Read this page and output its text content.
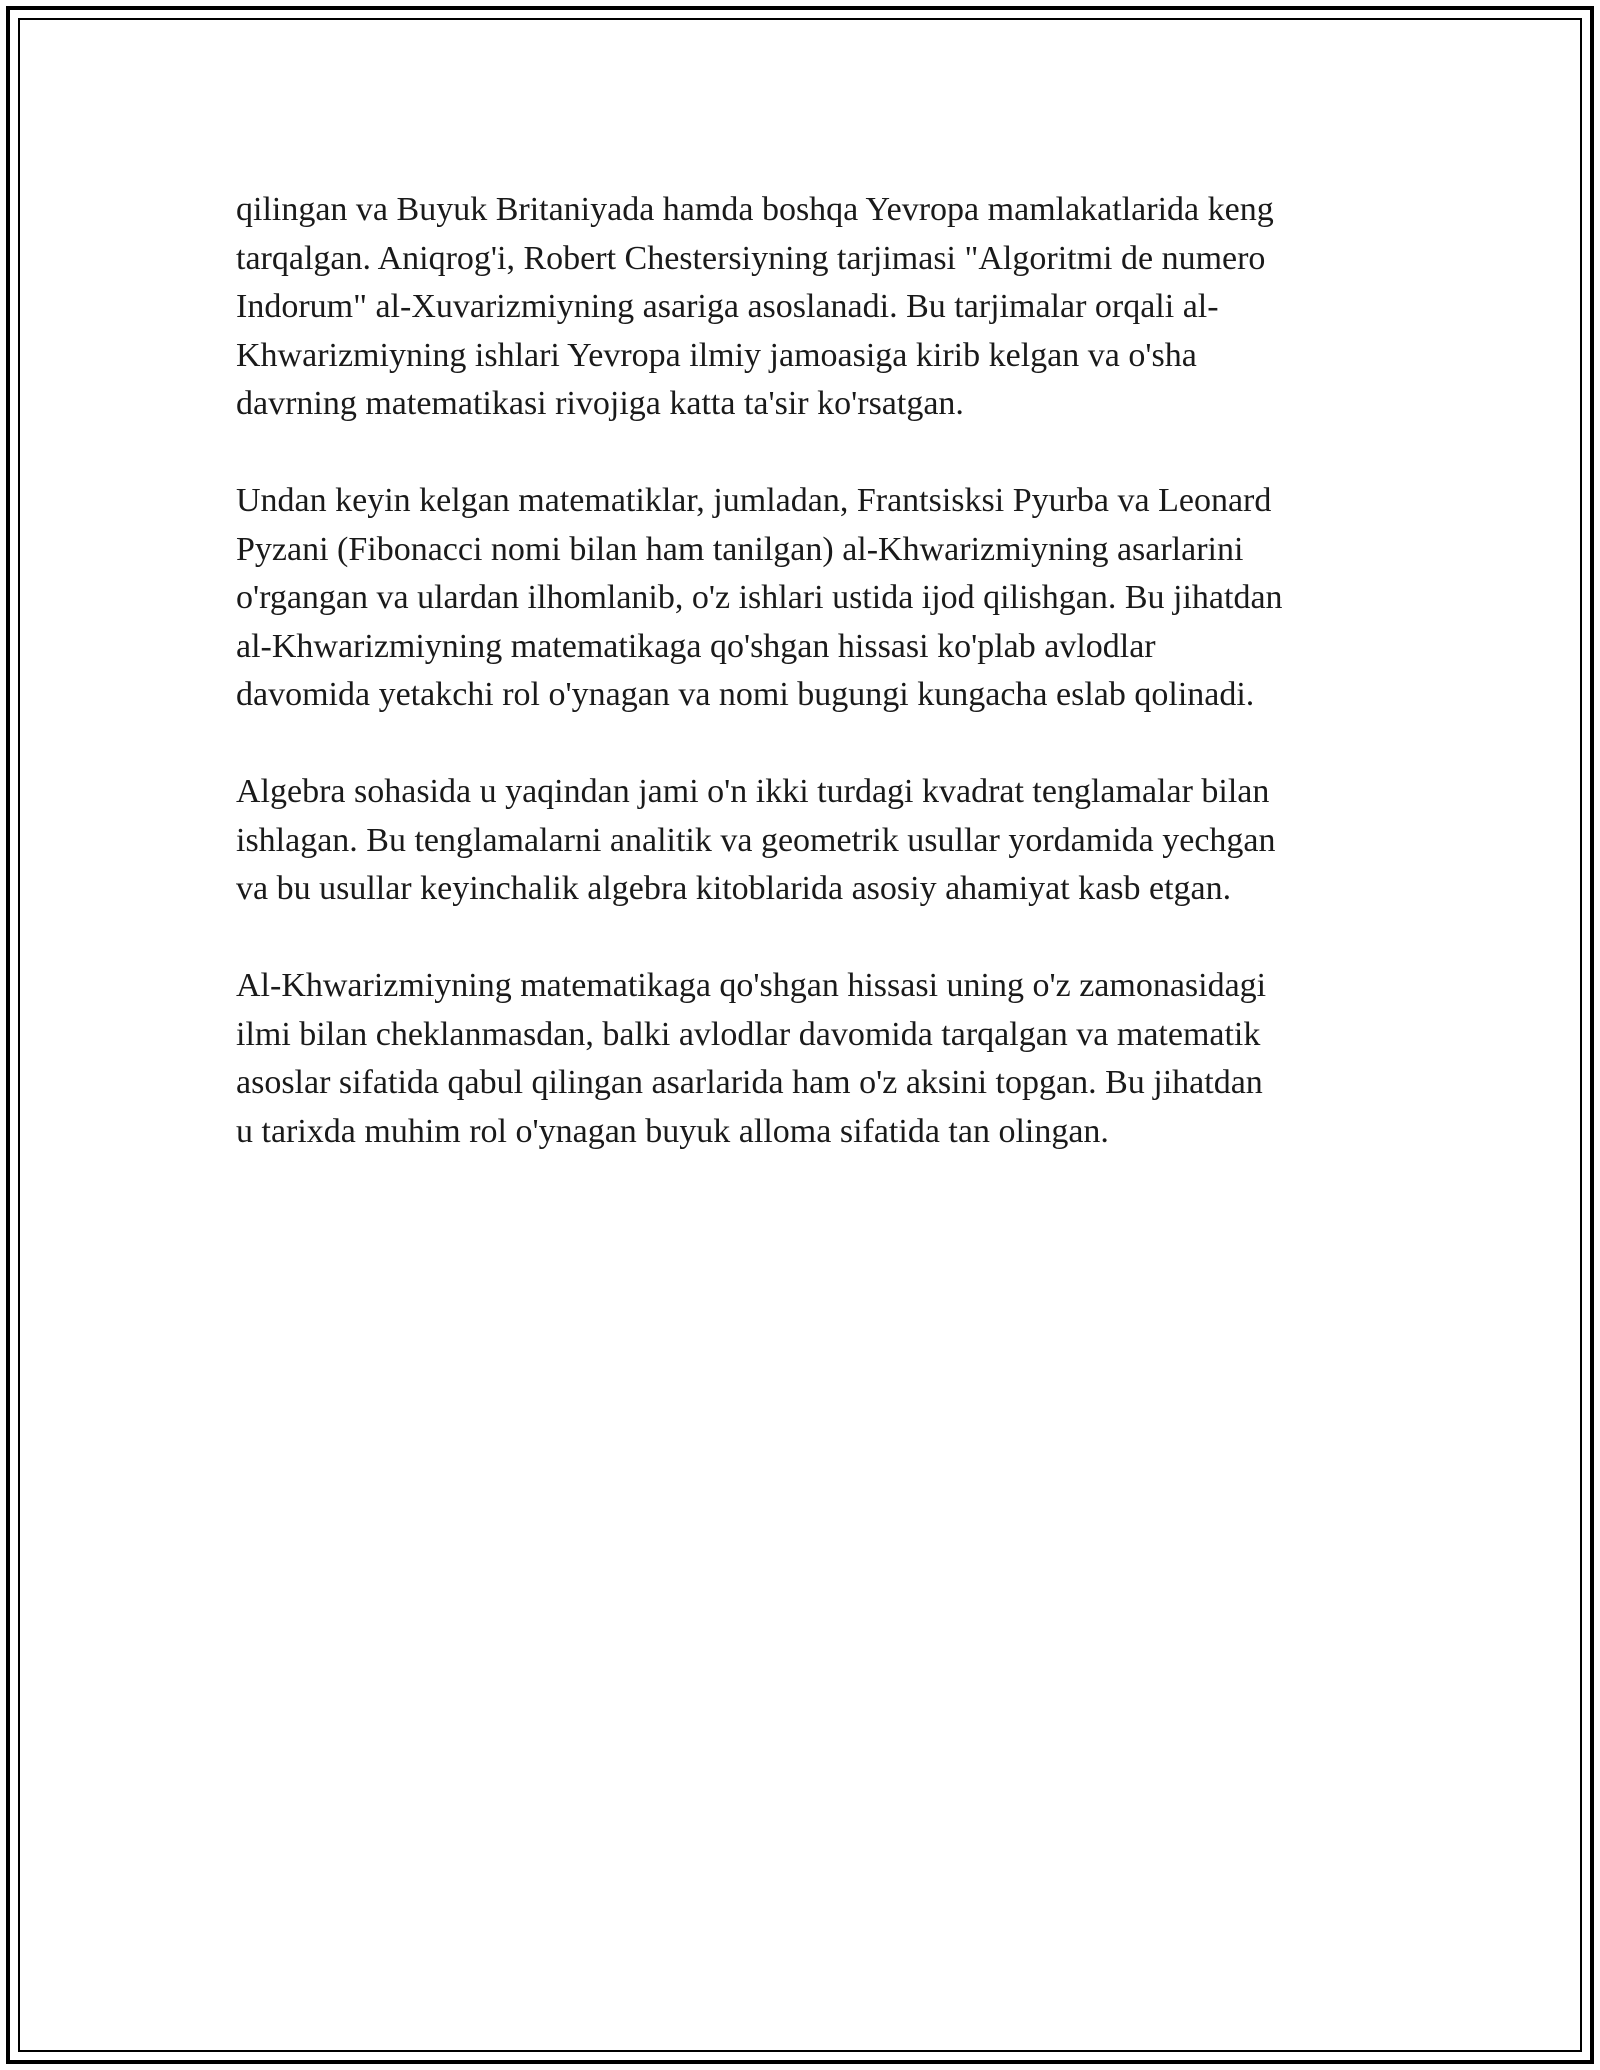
qilingan va Buyuk Britaniyada hamda boshqa Yevropa mamlakatlarida keng
tarqalgan. Aniqrog'i, Robert Chestersiyning tarjimasi "Algoritmi de numero
Indorum" al-Xuvarizmiyning asariga asoslanadi. Bu tarjimalar orqali al-
Khwarizmiyning ishlari Yevropa ilmiy jamoasiga kirib kelgan va o'sha
davrning matematikasi rivojiga katta ta'sir ko'rsatgan.

Undan keyin kelgan matematiklar, jumladan, Frantsisksi Pyurba va Leonard
Pyzani (Fibonacci nomi bilan ham tanilgan) al-Khwarizmiyning asarlarini
o'rgangan va ulardan ilhomlanib, o'z ishlari ustida ijod qilishgan. Bu jihatdan
al-Khwarizmiyning matematikaga qo'shgan hissasi ko'plab avlodlar
davomida yetakchi rol o'ynagan va nomi bugungi kungacha eslab qolinadi.

Algebra sohasida u yaqindan jami o'n ikki turdagi kvadrat tenglamalar bilan
ishlagan. Bu tenglamalarni analitik va geometrik usullar yordamida yechgan
va bu usullar keyinchalik algebra kitoblarida asosiy ahamiyat kasb etgan.

Al-Khwarizmiyning matematikaga qo'shgan hissasi uning o'z zamonasidagi
ilmi bilan cheklanmasdan, balki avlodlar davomida tarqalgan va matematik
asoslar sifatida qabul qilingan asarlarida ham o'z aksini topgan. Bu jihatdan
u tarixda muhim rol o'ynagan buyuk alloma sifatida tan olingan.
